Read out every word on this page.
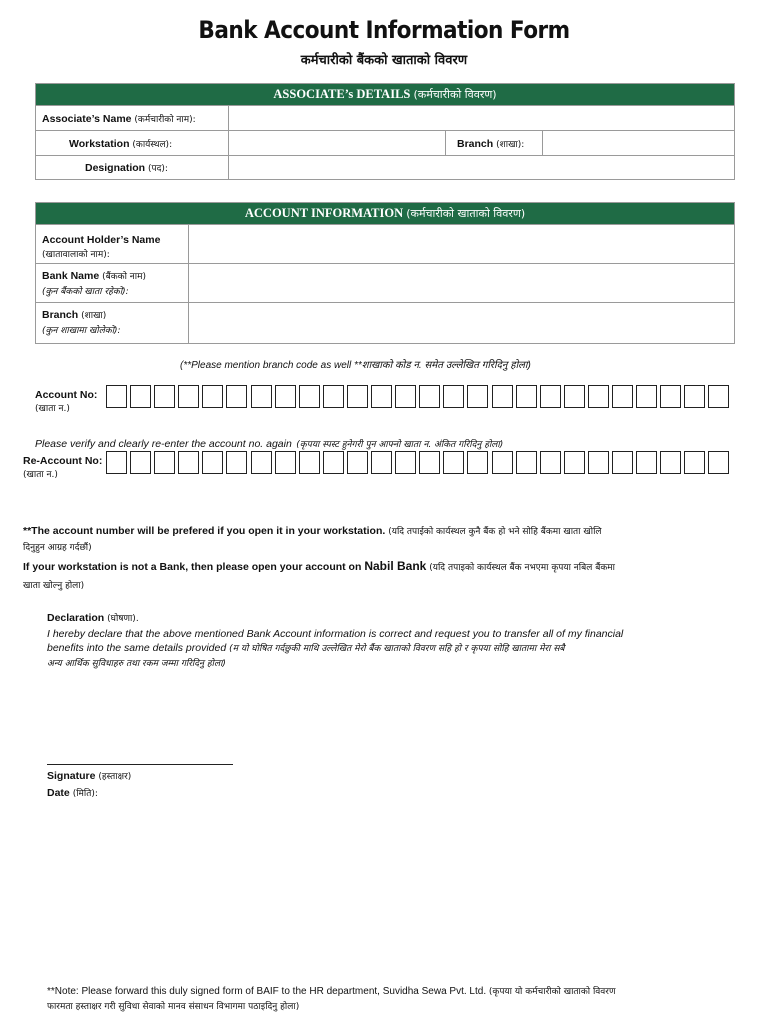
Bank Account Information Form
कर्मचारीको बैंकको खाताको विवरण
ASSOCIATE’s DETAILS (कर्मचारीको विवरण)
Associate’s Name (कर्मचारीको नाम):
Workstation (कार्यस्थल):	Branch (शाखा):
Designation (पद):
ACCOUNT INFORMATION (कर्मचारीको खाताको विवरण)
Account Holder’s Name
(खातावालाको नाम):
Bank Name (बैंकको नाम)
(कुन बैंकको खाता रहेको):
Branch (शाखा)
(कुन शाखामा खोलेको):
(**Please mention branch code as well **शाखाको कोड न. समेत उल्लेखित गरिदिनु होला)
Account No:
(खाता न.)
Please verify and clearly re-enter the account no. again (कृपया स्पस्ट हुनेगरी पुन आफ्नो खाता न. अंकित गरिदिनु होला)
Re-Account No:
(खाता न.)
**The account number will be prefered if you open it in your workstation. (यदि तपाईको कार्यस्थल कुनै बैंक हो भने सोहि बैंकमा खाता खोलि
दिनुहुन आग्रह गर्दछौं)
If your workstation is not a Bank, then please open your account on Nabil Bank (यदि तपाइको कार्यस्थल बैंक नभएमा कृपया नबिल बैंकमा
खाता खोल्नु होला)
Declaration (घोषणा).
I hereby declare that the above mentioned Bank Account information is correct and request you to transfer all of my financial
benefits into the same details provided (म यो घोषित गर्दछुकी माथि उल्लेखित मेरो बैंक खाताको विवरण सहि हो र कृपया सोहि खातामा मेरा सबै
अन्य आर्थिक सुविधाहरु तथा रकम जम्मा गरिदिनु होला)
Signature (हस्ताक्षर)
Date (मिति):
**Note: Please forward this duly signed form of BAIF to the HR department, Suvidha Sewa Pvt. Ltd. (कृपया यो कर्मचारीको खाताको विवरण
फारमता हस्ताक्षर गरी सुविधा सेवाको मानव संसाधन विभागमा पठाइदिनु होला)
